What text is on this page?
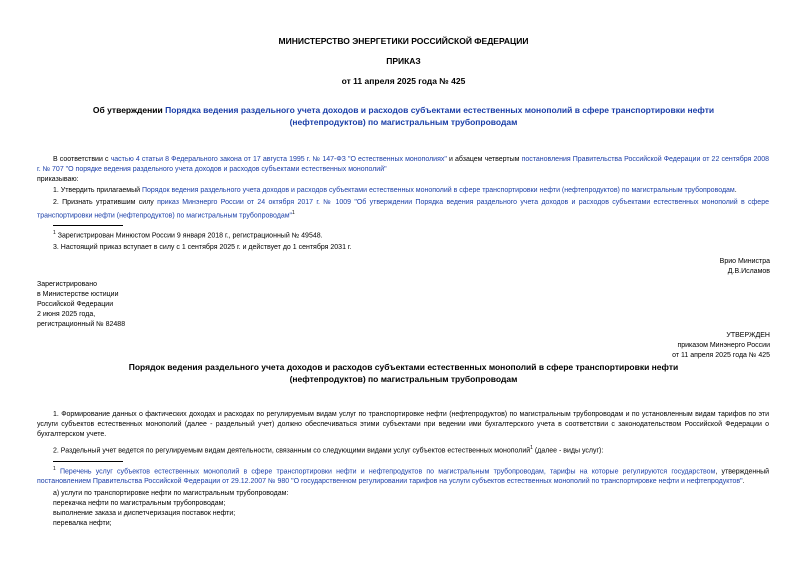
МИНИСТЕРСТВО ЭНЕРГЕТИКИ РОССИЙСКОЙ ФЕДЕРАЦИИ
ПРИКАЗ
от 11 апреля 2025 года № 425
Об утверждении Порядка ведения раздельного учета доходов и расходов субъектами естественных монополий в сфере транспортировки нефти (нефтепродуктов) по магистральным трубопроводам
В соответствии с частью 4 статьи 8 Федерального закона от 17 августа 1995 г. № 147-ФЗ "О естественных монополиях" и абзацем четвертым постановления Правительства Российской Федерации от 22 сентября 2008 г. № 707 "О порядке ведения раздельного учета доходов и расходов субъектами естественных монополий"
приказываю:
1. Утвердить прилагаемый Порядок ведения раздельного учета доходов и расходов субъектами естественных монополий в сфере транспортировки нефти (нефтепродуктов) по магистральным трубопроводам.
2. Признать утратившим силу приказ Минэнерго России от 24 октября 2017 г. № 1009 "Об утверждении Порядка ведения раздельного учета доходов и расходов субъектами естественных монополий в сфере транспортировки нефти (нефтепродуктов) по магистральным трубопроводам"$^1$
$^1$ Зарегистрирован Минюстом России 9 января 2018 г., регистрационный № 49548.
3. Настоящий приказ вступает в силу с 1 сентября 2025 г. и действует до 1 сентября 2031 г.
Врио Министра
Д.В.Исламов
Зарегистрировано
в Министерстве юстиции
Российской Федерации
2 июня 2025 года,
регистрационный № 82488
УТВЕРЖДЕН
приказом Минэнерго России
от 11 апреля 2025 года № 425
Порядок ведения раздельного учета доходов и расходов субъектами естественных монополий в сфере транспортировки нефти (нефтепродуктов) по магистральным трубопроводам
1. Формирование данных о фактических доходах и расходах по регулируемым видам услуг по транспортировке нефти (нефтепродуктов) по магистральным трубопроводам и по установленным видам тарифов по эти услуги субъектов естественных монополий (далее - раздельный учет) должно обеспечиваться этими субъектами при ведении ими бухгалтерского учета в соответствии с законодательством Российской Федерации о бухгалтерском учете.
2. Раздельный учет ведется по регулируемым видам деятельности, связанным со следующими видами услуг субъектов естественных монополий$^1$ (далее - виды услуг):
$^1$ Перечень услуг субъектов естественных монополий в сфере транспортировки нефти и нефтепродуктов по магистральным трубопроводам, тарифы на которые регулируются государством, утвержденный постановлением Правительства Российской Федерации от 29.12.2007 № 980 "О государственном регулировании тарифов на услуги субъектов естественных монополий по транспортировке нефти и нефтепродуктов".
а) услуги по транспортировке нефти по магистральным трубопроводам:
перекачка нефти по магистральным трубопроводам;
выполнение заказа и диспетчеризация поставок нефти;
перевалка нефти;
